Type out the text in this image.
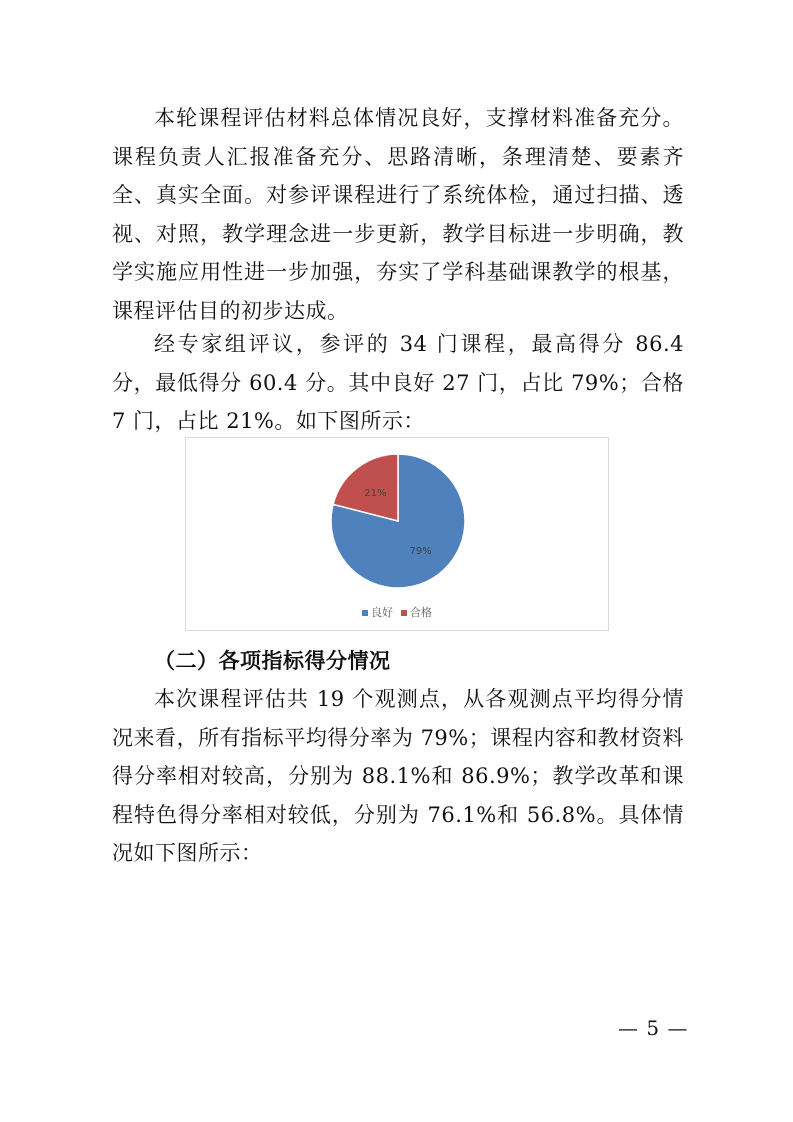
本轮课程评估材料总体情况良好，支撑材料准备充分。课程负责人汇报准备充分、思路清晰，条理清楚、要素齐全、真实全面。对参评课程进行了系统体检，通过扫描、透视、对照，教学理念进一步更新，教学目标进一步明确，教学实施应用性进一步加强，夯实了学科基础课教学的根基，课程评估目的初步达成。

经专家组评议，参评的 34 门课程，最高得分 86.4 分，最低得分 60.4 分。其中良好 27 门，占比 79%；合格 7 门，占比 21%。如下图所示：

79%
21%
良好 合格
（二）各项指标得分情况

本次课程评估共 19 个观测点，从各观测点平均得分情况来看，所有指标平均得分率为 79%；课程内容和教材资料得分率相对较高，分别为 88.1%和 86.9%；教学改革和课程特色得分率相对较低，分别为 76.1%和 56.8%。具体情况如下图所示：

— 5 —
